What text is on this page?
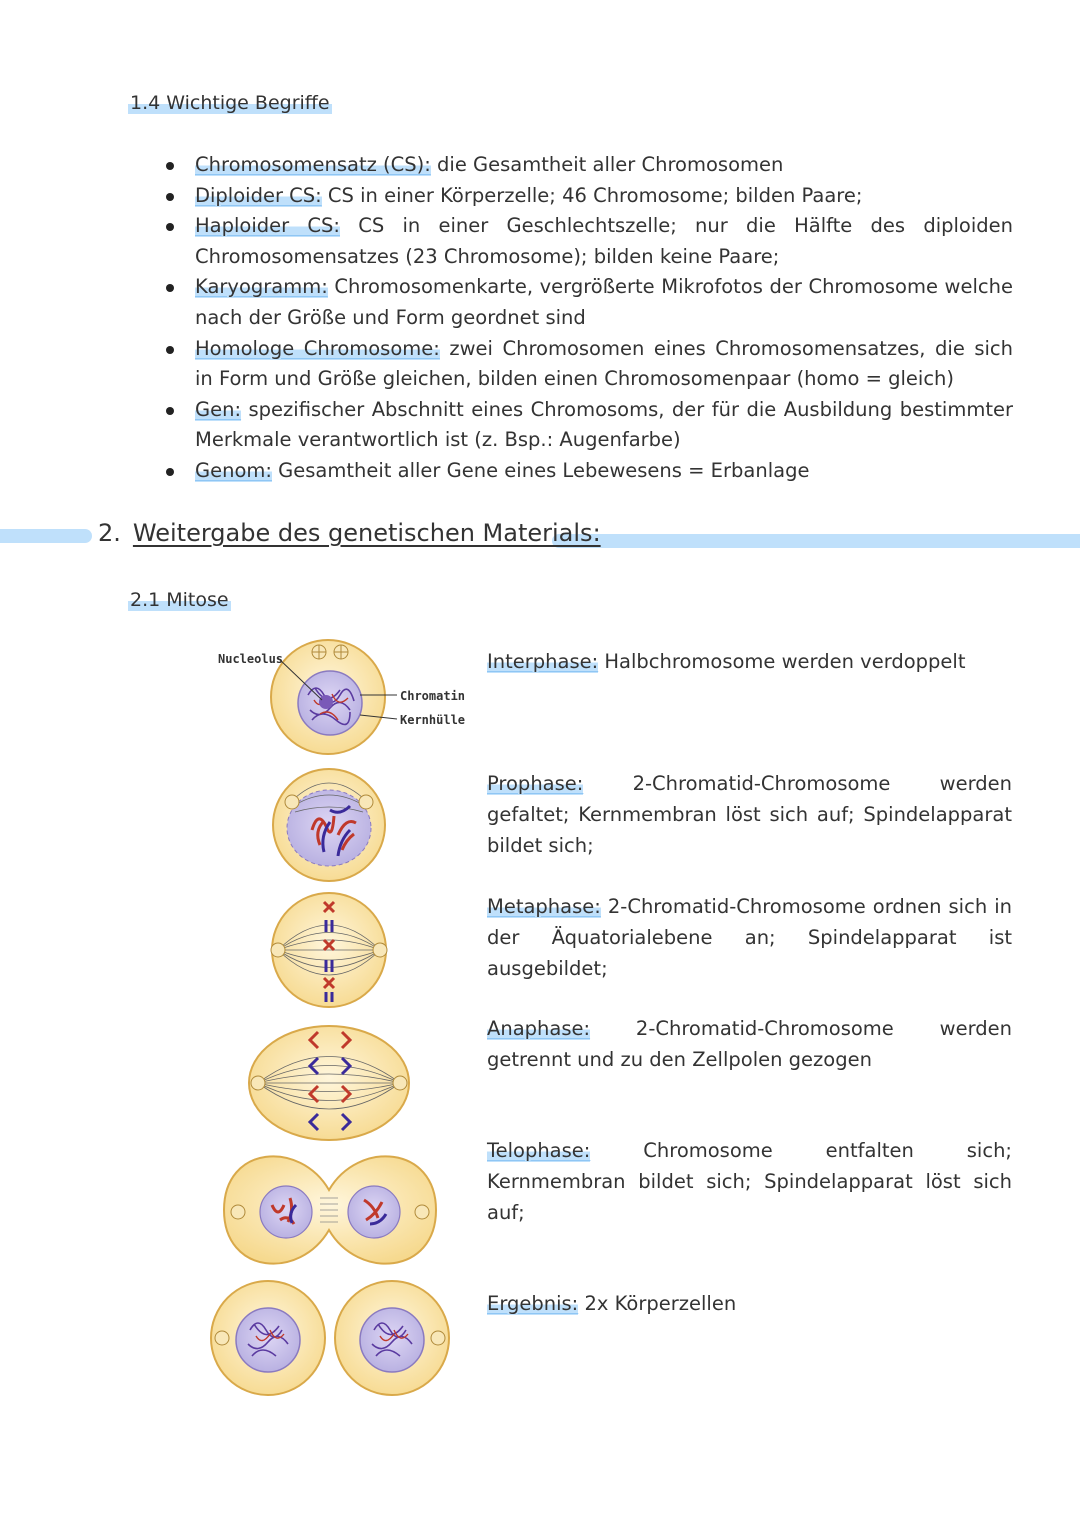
1.4 Wichtige Begriffe
Chromosomensatz (CS): die Gesamtheit aller Chromosomen
Diploider CS: CS in einer Körperzelle; 46 Chromosome; bilden Paare;
Haploider CS: CS in einer Geschlechtszelle; nur die Hälfte des diploiden Chromosomensatzes (23 Chromosome); bilden keine Paare;
Karyogramm: Chromosomenkarte, vergrößerte Mikrofotos der Chromosome welche nach der Größe und Form geordnet sind
Homologe Chromosome: zwei Chromosomen eines Chromosomensatzes, die sich in Form und Größe gleichen, bilden einen Chromosomenpaar (homo = gleich)
Gen: spezifischer Abschnitt eines Chromosoms, der für die Ausbildung bestimmter Merkmale verantwortlich ist (z. Bsp.: Augenfarbe)
Genom: Gesamtheit aller Gene eines Lebewesens = Erbanlage
2. Weitergabe des genetischen Materials:
2.1 Mitose
Interphase: Halbchromosome werden verdoppelt
Prophase: 2-Chromatid-Chromosome werden gefaltet; Kernmembran löst sich auf; Spindelapparat bildet sich;
Metaphase: 2-Chromatid-Chromosome ordnen sich in der Äquatorialebene an; Spindelapparat ist ausgebildet;
Anaphase: 2-Chromatid-Chromosome werden getrennt und zu den Zellpolen gezogen
Telophase: Chromosome entfalten sich; Kernmembran bildet sich; Spindelapparat löst sich auf;
Ergebnis: 2x Körperzellen
Nucleolus
Chromatin
Kernhülle
